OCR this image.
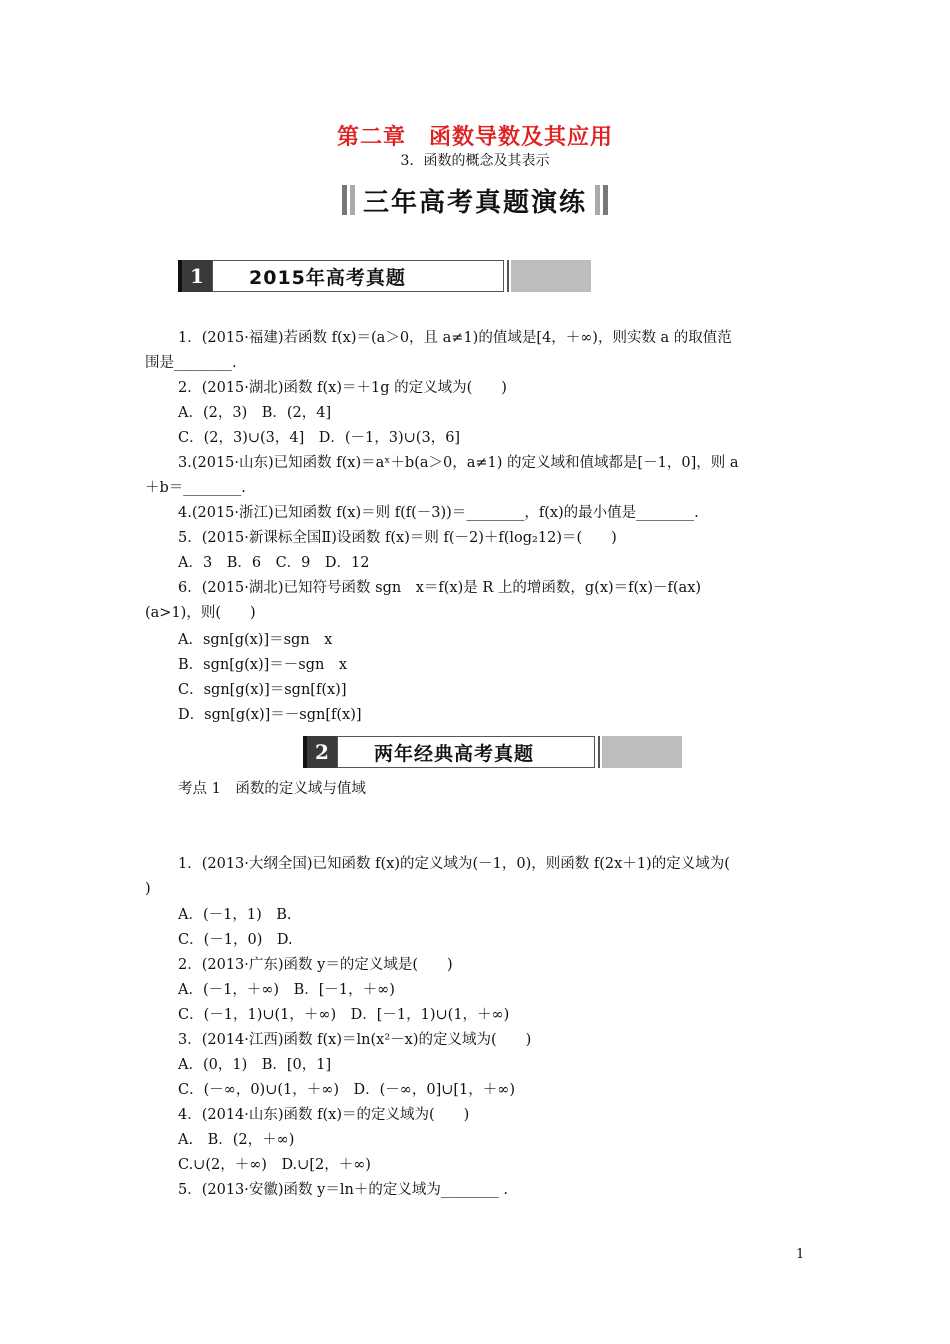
第二章　函数导数及其应用
3．函数的概念及其表示
三年高考真题演练
1	2015年高考真题
1．(2015·福建)若函数 f(x)＝(a＞0，且 a≠1)的值域是[4，＋∞)，则实数 a 的取值范
围是________.
2．(2015·湖北)函数 f(x)＝＋1g 的定义域为(　　)
A．(2，3)　B．(2，4]
C．(2，3)∪(3，4]　D．(－1，3)∪(3，6]
3.(2015·山东)已知函数 f(x)＝aˣ＋b(a＞0，a≠1) 的定义域和值域都是[－1，0]，则 a
＋b＝________.
4.(2015·浙江)已知函数 f(x)＝则 f(f(－3))＝________，f(x)的最小值是________.
5．(2015·新课标全国Ⅱ)设函数 f(x)＝则 f(－2)＋f(log₂12)＝(　　)
A．3　B．6　C．9　D．12
6．(2015·湖北)已知符号函数 sgn　x＝f(x)是 R 上的增函数，g(x)＝f(x)－f(ax)
(a>1)，则(　　)
A．sgn[g(x)]＝sgn　x
B．sgn[g(x)]＝－sgn　x
C．sgn[g(x)]＝sgn[f(x)]
D．sgn[g(x)]＝－sgn[f(x)]
2	两年经典高考真题
考点 1　函数的定义域与值域
1．(2013·大纲全国)已知函数 f(x)的定义域为(－1，0)，则函数 f(2x＋1)的定义域为(
)
A．(－1，1)　B.
C．(－1，0)　D.
2．(2013·广东)函数 y＝的定义域是(　　)
A．(－1，＋∞)　B．[－1，＋∞)
C．(－1，1)∪(1，＋∞)　D．[－1，1)∪(1，＋∞)
3．(2014·江西)函数 f(x)＝ln(x²－x)的定义域为(　　)
A．(0，1)　B．[0，1]
C．(－∞，0)∪(1，＋∞)　D．(－∞，0]∪[1，＋∞)
4．(2014·山东)函数 f(x)＝的定义域为(　　)
A.　B．(2，＋∞)
C.∪(2，＋∞)　D.∪[2，＋∞)
5．(2013·安徽)函数 y＝ln＋的定义域为________ .
1
